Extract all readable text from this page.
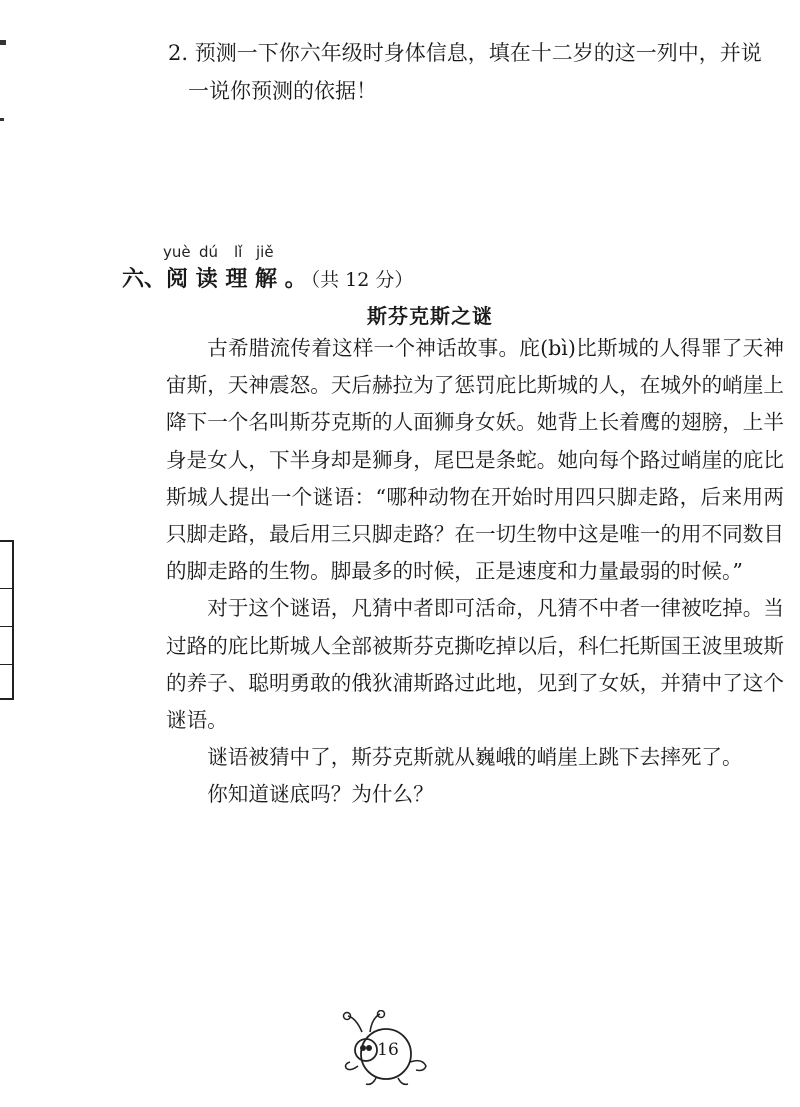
2. 预测一下你六年级时身体信息，填在十二岁的这一列中，并说
一说你预测的依据！
yuè dú lǐ jiě
六、阅 读 理 解 。 （共 12 分）
斯芬克斯之谜

古希腊流传着这样一个神话故事。庇(bì)比斯城的人得罪了天神宙斯，天神震怒。天后赫拉为了惩罚庇比斯城的人，在城外的峭崖上降下一个名叫斯芬克斯的人面狮身女妖。她背上长着鹰的翅膀，上半身是女人，下半身却是狮身，尾巴是条蛇。她向每个路过峭崖的庇比斯城人提出一个谜语：“哪种动物在开始时用四只脚走路，后来用两只脚走路，最后用三只脚走路？在一切生物中这是唯一的用不同数目的脚走路的生物。脚最多的时候，正是速度和力量最弱的时候。”

对于这个谜语，凡猜中者即可活命，凡猜不中者一律被吃掉。当过路的庇比斯城人全部被斯芬克撕吃掉以后，科仁托斯国王波里玻斯的养子、聪明勇敢的俄狄浦斯路过此地，见到了女妖，并猜中了这个谜语。

谜语被猜中了，斯芬克斯就从巍峨的峭崖上跳下去摔死了。

你知道谜底吗？为什么？

16
